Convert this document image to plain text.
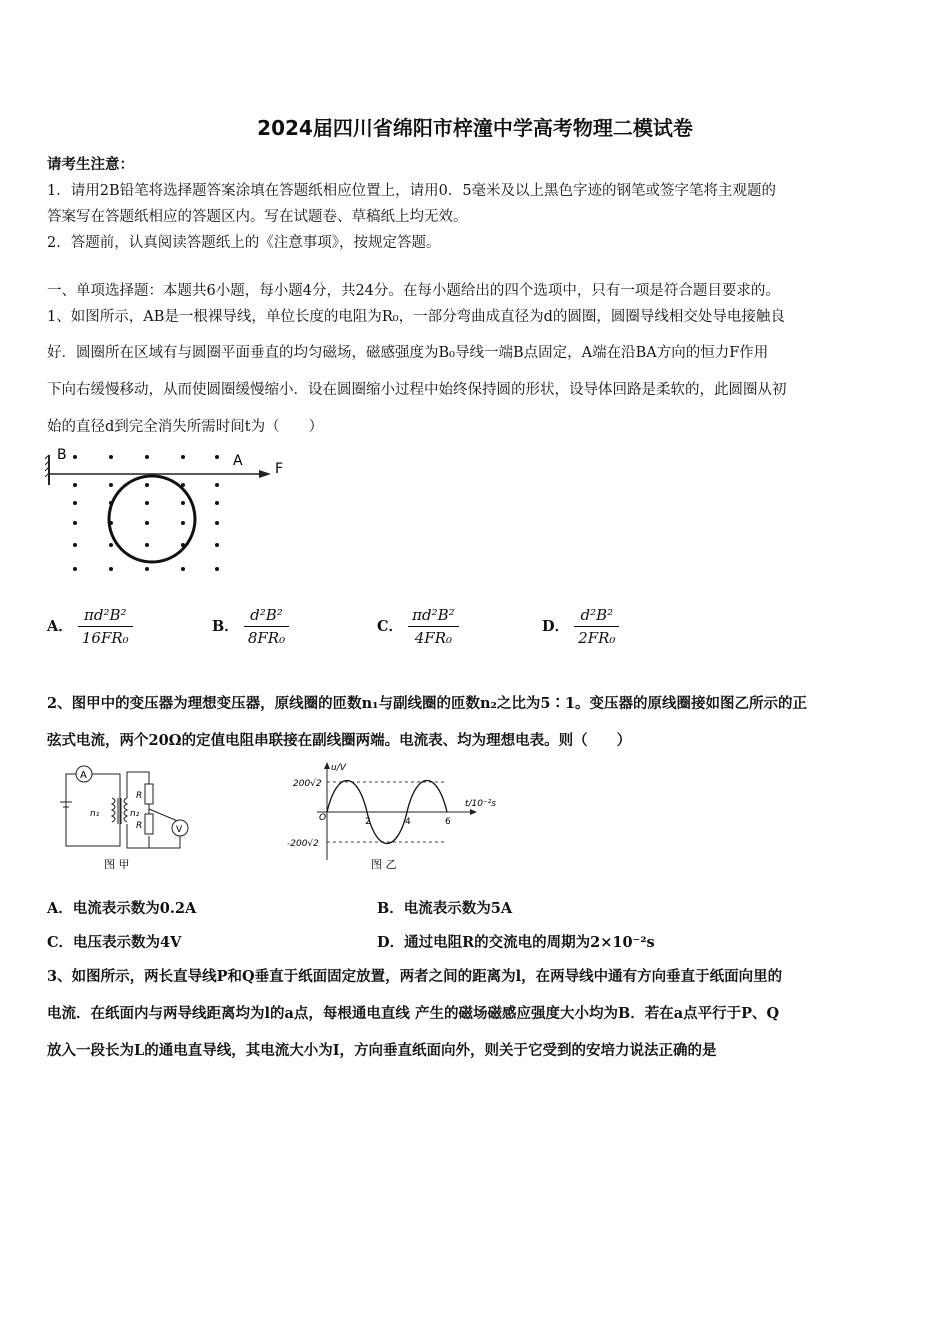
2024届四川省绵阳市梓潼中学高考物理二模试卷
请考生注意：
1．请用2B铅笔将选择题答案涂填在答题纸相应位置上，请用0．5毫米及以上黑色字迹的钢笔或签字笔将主观题的
答案写在答题纸相应的答题区内。写在试题卷、草稿纸上均无效。
2．答题前，认真阅读答题纸上的《注意事项》，按规定答题。
一、单项选择题：本题共6小题，每小题4分，共24分。在每小题给出的四个选项中，只有一项是符合题目要求的。
1、如图所示，AB是一根裸导线，单位长度的电阻为R₀，一部分弯曲成直径为d的圆圈，圆圈导线相交处导电接触良
好．圆圈所在区域有与圆圈平面垂直的均匀磁场，磁感强度为B₀导线一端B点固定，A端在沿BA方向的恒力F作用
下向右缓慢移动，从而使圆圈缓慢缩小．设在圆圈缩小过程中始终保持圆的形状，设导体回路是柔软的，此圆圈从初
始的直径d到完全消失所需时间t为（　　）
B	A F
A． $\frac{\text{πd²B²}}{\text{16FR₀}}$	B． $\frac{\text{d²B²}}{\text{8FR₀}}$	C． $\frac{\text{πd²B²}}{\text{4FR₀}}$	D． $\frac{\text{d²B²}}{\text{2FR₀}}$
2、图甲中的变压器为理想变压器，原线圈的匝数n₁与副线圈的匝数n₂之比为5∶1。变压器的原线圈接如图乙所示的正
弦式电流，两个20Ω的定值电阻串联接在副线圈两端。电流表、均为理想电表。则（　　）
A
n₁	n₂
R
R	V
图 甲
u/V
t/10⁻²s
200√2
-200√2
O	2	4	6
图 乙
A．电流表示数为0.2A	B．电流表示数为5A
C．电压表示数为4V	D．通过电阻R的交流电的周期为2×10⁻²s
3、如图所示，两长直导线P和Q垂直于纸面固定放置，两者之间的距离为l，在两导线中通有方向垂直于纸面向里的
电流．在纸面内与两导线距离均为l的a点，每根通电直线 产生的磁场磁感应强度大小均为B．若在a点平行于P、Q
放入一段长为L的通电直导线，其电流大小为I，方向垂直纸面向外，则关于它受到的安培力说法正确的是
